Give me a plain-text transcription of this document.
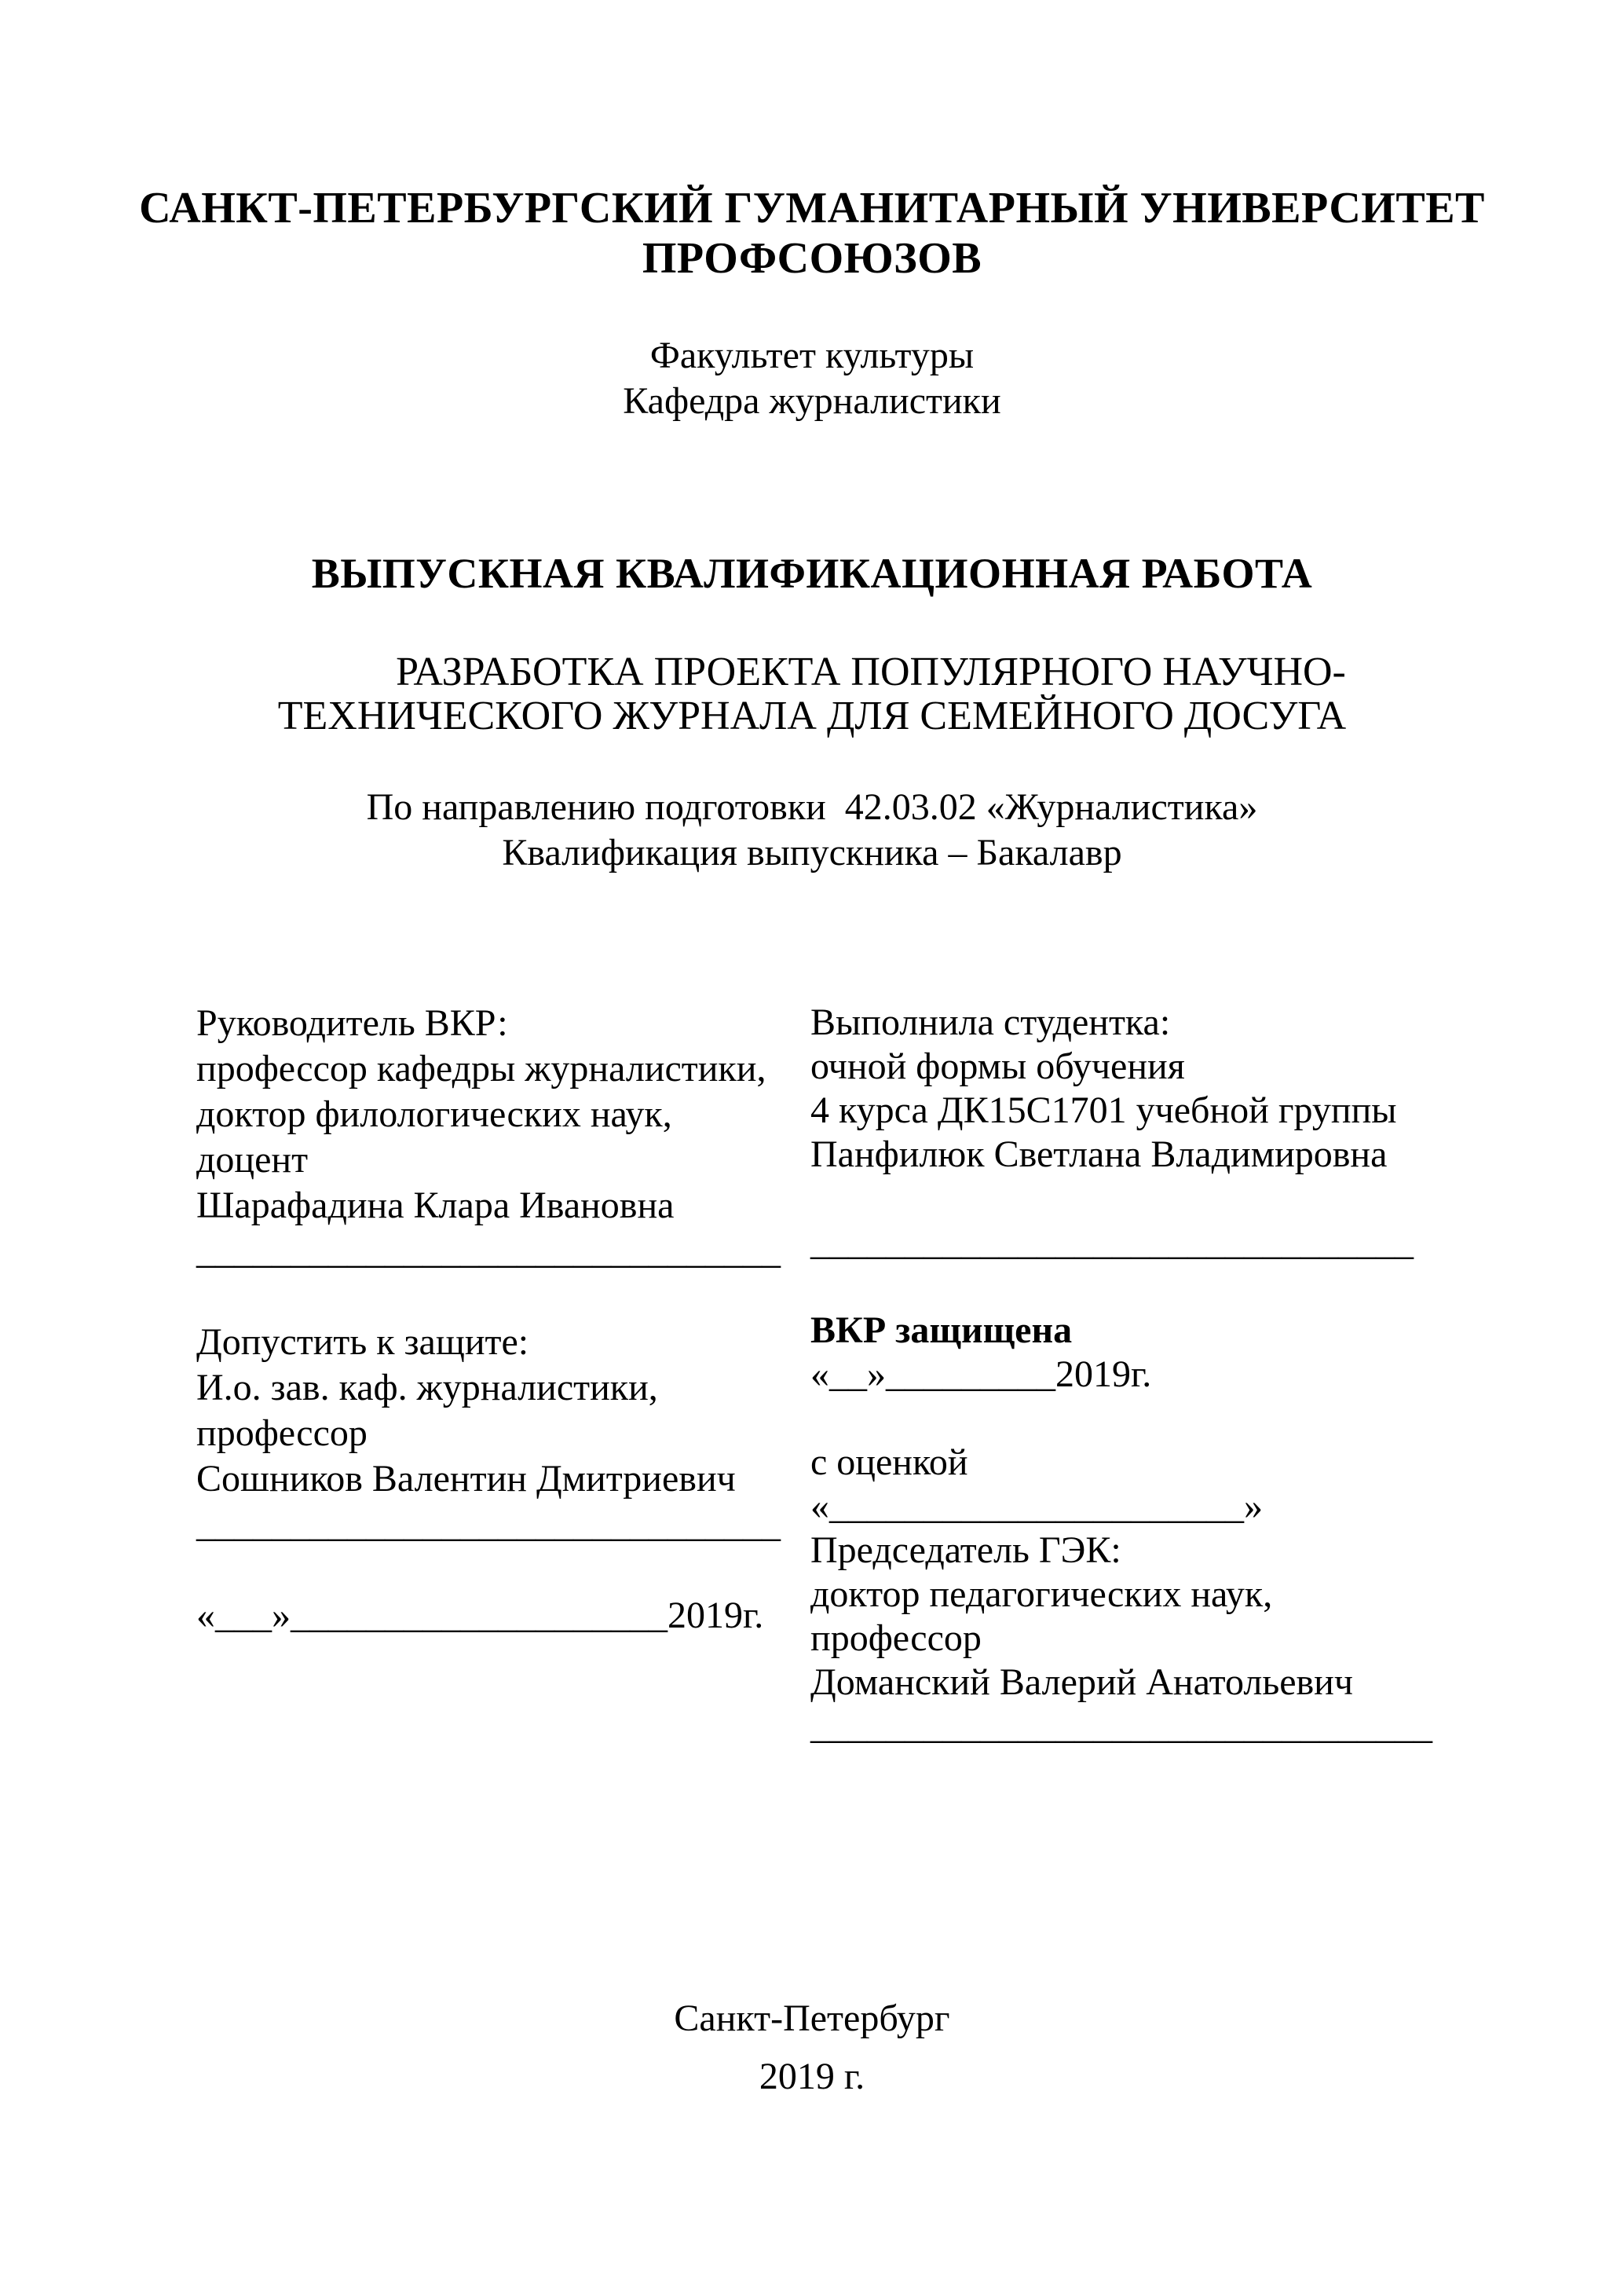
САНКТ-ПЕТЕРБУРГСКИЙ ГУМАНИТАРНЫЙ УНИВЕРСИТЕТ
ПРОФСОЮЗОВ
Факультет культуры
Кафедра журналистики
ВЫПУСКНАЯ КВАЛИФИКАЦИОННАЯ РАБОТА
РАЗРАБОТКА ПРОЕКТА ПОПУЛЯРНОГО НАУЧНО-
ТЕХНИЧЕСКОГО ЖУРНАЛА ДЛЯ СЕМЕЙНОГО ДОСУГА
По направлению подготовки  42.03.02 «Журналистика»
Квалификация выпускника – Бакалавр
Руководитель ВКР:
профессор кафедры журналистики,
доктор филологических наук,
доцент
Шарафадина Клара Ивановна
_______________________________

Допустить к защите:
И.о. зав. каф. журналистики,
профессор
Сошников Валентин Дмитриевич
_______________________________

«___»____________________2019г.
Выполнила студентка:
очной формы обучения
4 курса ДК15С1701 учебной группы
Панфилюк Светлана Владимировна

________________________________

ВКР защищена
«__»_________2019г.

с оценкой
«______________________»
Председатель ГЭК:
доктор педагогических наук,
профессор
Доманский Валерий Анатольевич
_________________________________
Санкт-Петербург
2019 г.
